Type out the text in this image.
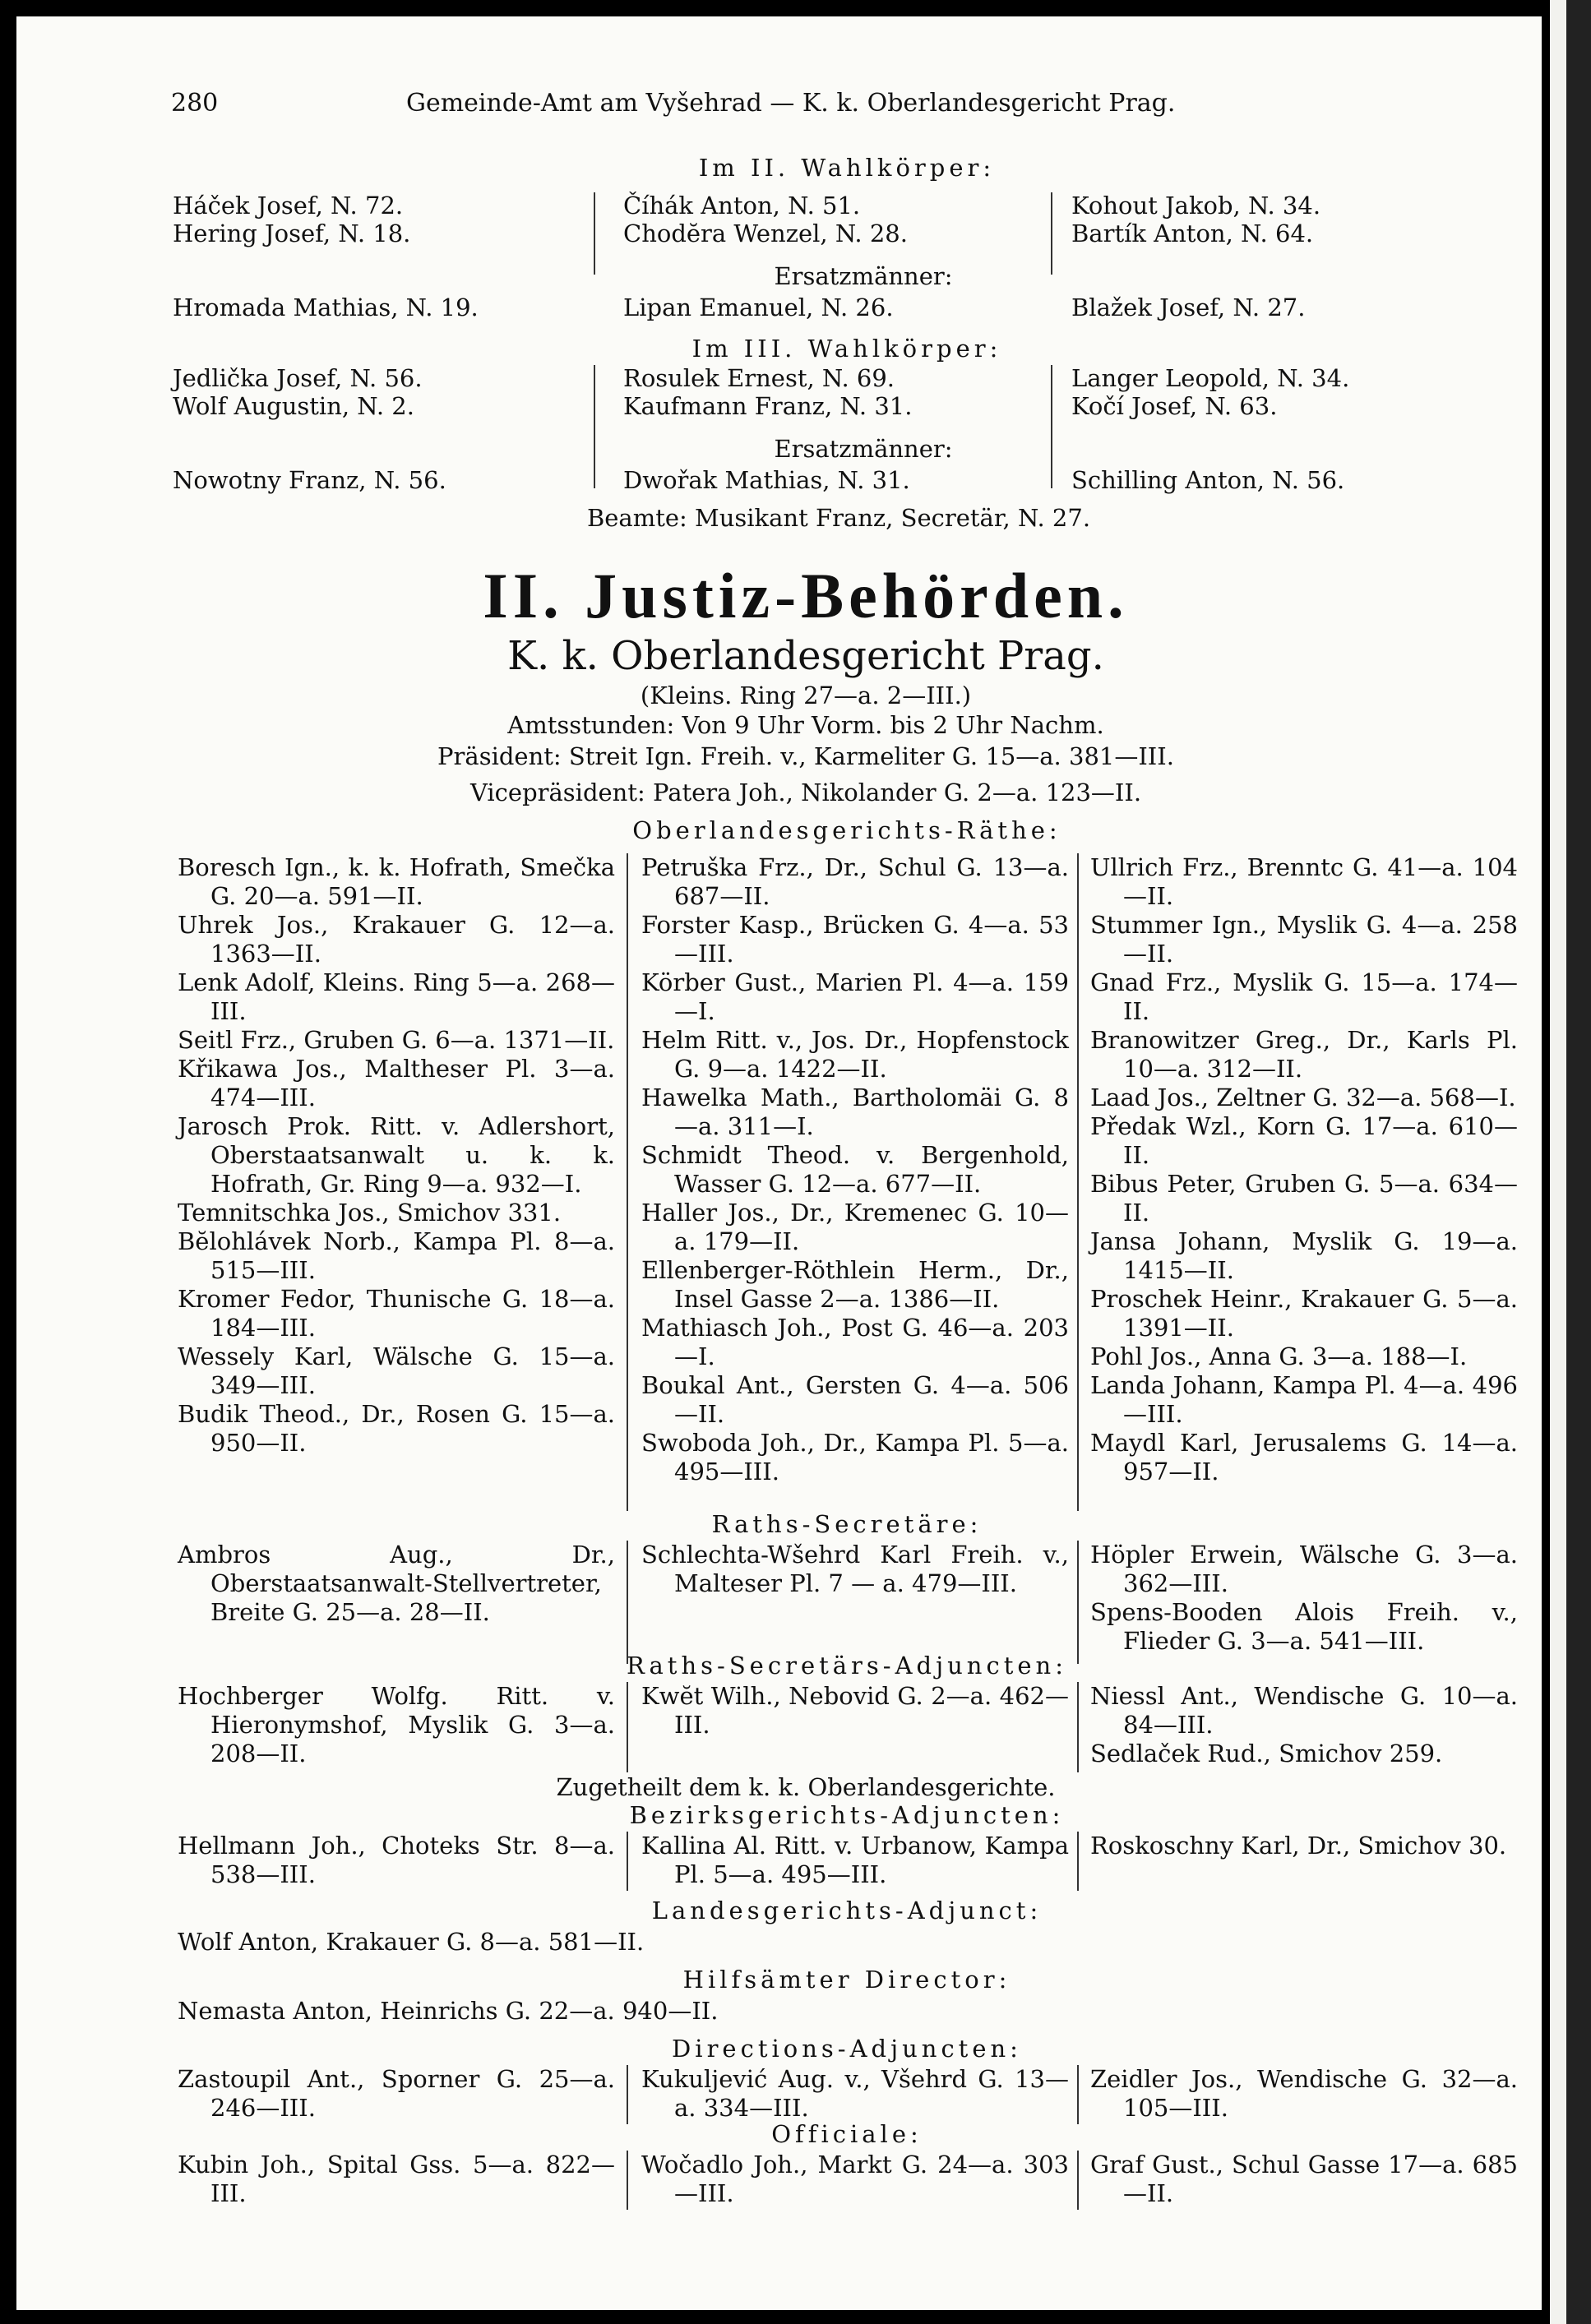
280	Gemeinde-Amt am Vyšehrad — K. k. Oberlandesgericht Prag.
Im II. Wahlkörper:
Háček Josef, N. 72.	Číhák Anton, N. 51.	Kohout Jakob, N. 34.
Hering Josef, N. 18.	Chodĕra Wenzel, N. 28.	Bartík Anton, N. 64.
Ersatzmänner:
Hromada Mathias, N. 19.	Lipan Emanuel, N. 26.	Blažek Josef, N. 27.
Im III. Wahlkörper:
Jedlička Josef, N. 56.	Rosulek Ernest, N. 69.	Langer Leopold, N. 34.
Wolf Augustin, N. 2.	Kaufmann Franz, N. 31.	Kočí Josef, N. 63.
Ersatzmänner:
Nowotny Franz, N. 56.	Dwořak Mathias, N. 31.	Schilling Anton, N. 56.
Beamte: Musikant Franz, Secretär, N. 27.
II. Justiz-Behörden.
K. k. Oberlandesgericht Prag.
(Kleins. Ring 27—a. 2—III.)
Amtsstunden: Von 9 Uhr Vorm. bis 2 Uhr Nachm.
Präsident: Streit Ign. Freih. v., Karmeliter G. 15—a. 381—III.
Vicepräsident: Patera Joh., Nikolander G. 2—a. 123—II.
Oberlandesgerichts-Räthe:
Boresch Ign., k. k. Hofrath, Smečka G. 20—a. 591—II.
Uhrek Jos., Krakauer G. 12—a. 1363—II.
Lenk Adolf, Kleins. Ring 5—a. 268—III.
Seitl Frz., Gruben G. 6—a. 1371—II.
Křikawa Jos., Maltheser Pl. 3—a. 474—III.
Jarosch Prok. Ritt. v. Adlershort, Oberstaatsanwalt u. k. k. Hofrath, Gr. Ring 9—a. 932—I.
Temnitschka Jos., Smichov 331.
Bĕlohlávek Norb., Kampa Pl. 8—a. 515—III.
Kromer Fedor, Thunische G. 18—a. 184—III.
Wessely Karl, Wälsche G. 15—a. 349—III.
Budik Theod., Dr., Rosen G. 15—a. 950—II.
Petruška Frz., Dr., Schul G. 13—a. 687—II.
Forster Kasp., Brücken G. 4—a. 53—III.
Körber Gust., Marien Pl. 4—a. 159—I.
Helm Ritt. v., Jos. Dr., Hopfenstock G. 9—a. 1422—II.
Hawelka Math., Bartholomäi G. 8—a. 311—I.
Schmidt Theod. v. Bergenhold, Wasser G. 12—a. 677—II.
Haller Jos., Dr., Kremenec G. 10—a. 179—II.
Ellenberger-Röthlein Herm., Dr., Insel Gasse 2—a. 1386—II.
Mathiasch Joh., Post G. 46—a. 203—I.
Boukal Ant., Gersten G. 4—a. 506—II.
Swoboda Joh., Dr., Kampa Pl. 5—a. 495—III.
Ullrich Frz., Brenntc G. 41—a. 104—II.
Stummer Ign., Myslik G. 4—a. 258—II.
Gnad Frz., Myslik G. 15—a. 174—II.
Branowitzer Greg., Dr., Karls Pl. 10—a. 312—II.
Laad Jos., Zeltner G. 32—a. 568—I.
Předak Wzl., Korn G. 17—a. 610—II.
Bibus Peter, Gruben G. 5—a. 634—II.
Jansa Johann, Myslik G. 19—a. 1415—II.
Proschek Heinr., Krakauer G. 5—a. 1391—II.
Pohl Jos., Anna G. 3—a. 188—I.
Landa Johann, Kampa Pl. 4—a. 496—III.
Maydl Karl, Jerusalems G. 14—a. 957—II.
Raths-Secretäre:
Ambros Aug., Dr., Oberstaatsanwalt-Stellvertreter, Breite G. 25—a. 28—II.
Schlechta-Wšehrd Karl Freih. v., Malteser Pl. 7 — a. 479—III.
Höpler Erwein, Wälsche G. 3—a. 362—III.
Spens-Booden Alois Freih. v., Flieder G. 3—a. 541—III.
Raths-Secretärs-Adjuncten:
Hochberger Wolfg. Ritt. v. Hieronymshof, Myslik G. 3—a. 208—II.
Kwĕt Wilh., Nebovid G. 2—a. 462—III.
Niessl Ant., Wendische G. 10—a. 84—III.
Sedlaček Rud., Smichov 259.
Zugetheilt dem k. k. Oberlandesgerichte.
Bezirksgerichts-Adjuncten:
Hellmann Joh., Choteks Str. 8—a. 538—III.
Kallina Al. Ritt. v. Urbanow, Kampa Pl. 5—a. 495—III.
Roskoschny Karl, Dr., Smichov 30.
Landesgerichts-Adjunct:
Wolf Anton, Krakauer G. 8—a. 581—II.
Hilfsämter Director:
Nemasta Anton, Heinrichs G. 22—a. 940—II.
Directions-Adjuncten:
Zastoupil Ant., Sporner G. 25—a. 246—III.
Kukuljević Aug. v., Všehrd G. 13—a. 334—III.
Zeidler Jos., Wendische G. 32—a. 105—III.
Officiale:
Kubin Joh., Spital Gss. 5—a. 822—III.
Wočadlo Joh., Markt G. 24—a. 303—III.
Graf Gust., Schul Gasse 17—a. 685—II.
